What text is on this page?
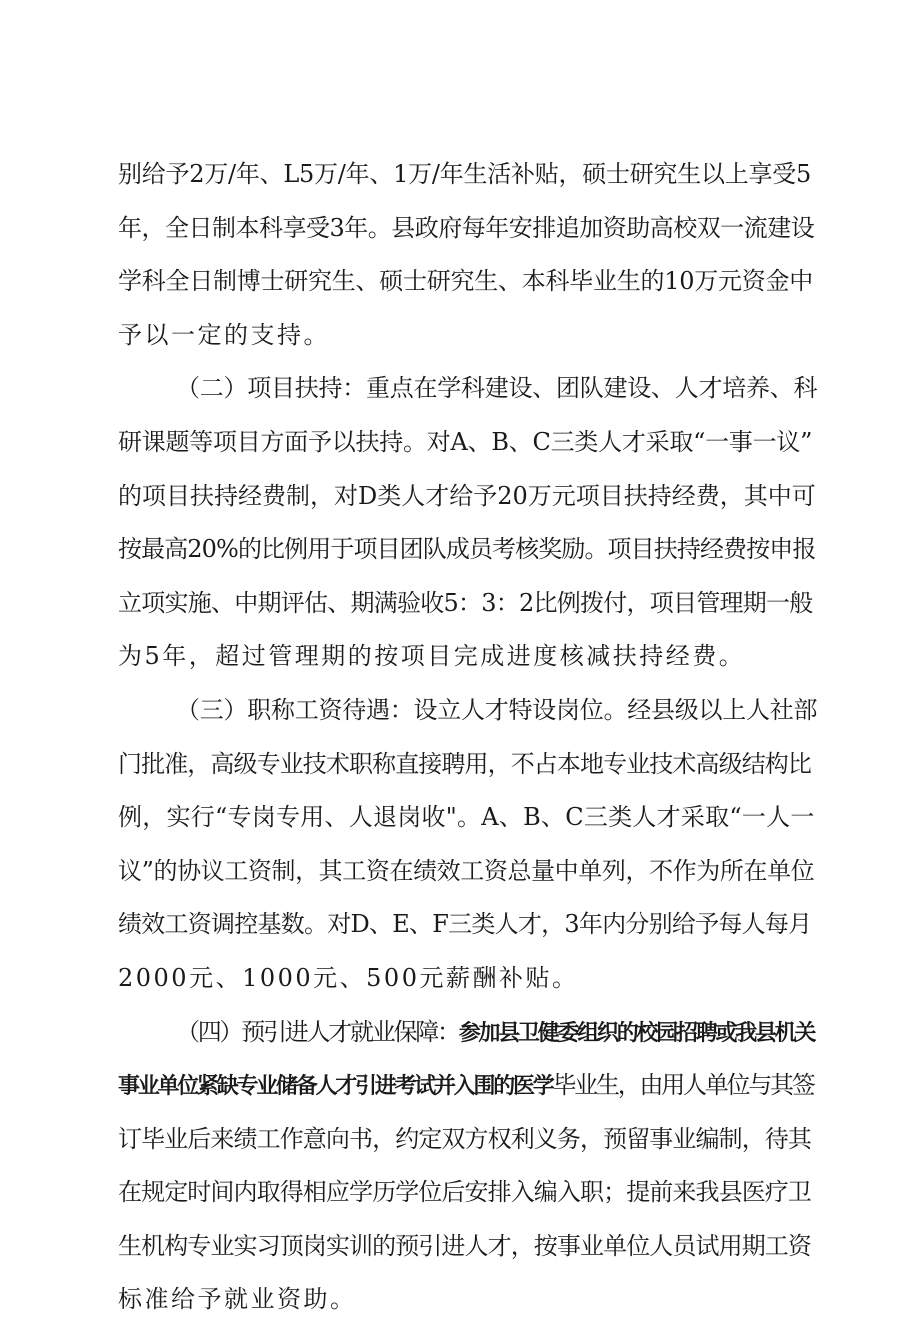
别给予2万/年、L5万/年、1万/年生活补贴，硕士研究生以上享受5
年，全日制本科享受3年。县政府每年安排追加资助高校双一流建设
学科全日制博士研究生、硕士研究生、本科毕业生的10万元资金中
予以一定的支持。
（二）项目扶持：重点在学科建设、团队建设、人才培养、科
研课题等项目方面予以扶持。对A、B、C三类人才采取“一事一议”
的项目扶持经费制，对D类人才给予20万元项目扶持经费，其中可
按最高20%的比例用于项目团队成员考核奖励。项目扶持经费按申报
立项实施、中期评估、期满验收5：3：2比例拨付，项目管理期一般
为5年，超过管理期的按项目完成进度核减扶持经费。
（三）职称工资待遇：设立人才特设岗位。经县级以上人社部
门批准，高级专业技术职称直接聘用，不占本地专业技术高级结构比
例，实行“专岗专用、人退岗收"。A、B、C三类人才采取“一人一
议”的协议工资制，其工资在绩效工资总量中单列，不作为所在单位
绩效工资调控基数。对D、E、F三类人才，3年内分别给予每人每月
2000元、1000元、500元薪酬补贴。
（四）预引进人才就业保障：参加县卫健委组织的校园招聘或我县机关
事业单位紧缺专业储备人才引进考试并入围的医学毕业生，由用人单位与其签
订毕业后来绩工作意向书，约定双方权利义务，预留事业编制，待其
在规定时间内取得相应学历学位后安排入编入职；提前来我县医疗卫
生机构专业实习顶岗实训的预引进人才，按事业单位人员试用期工资
标准给予就业资助。
